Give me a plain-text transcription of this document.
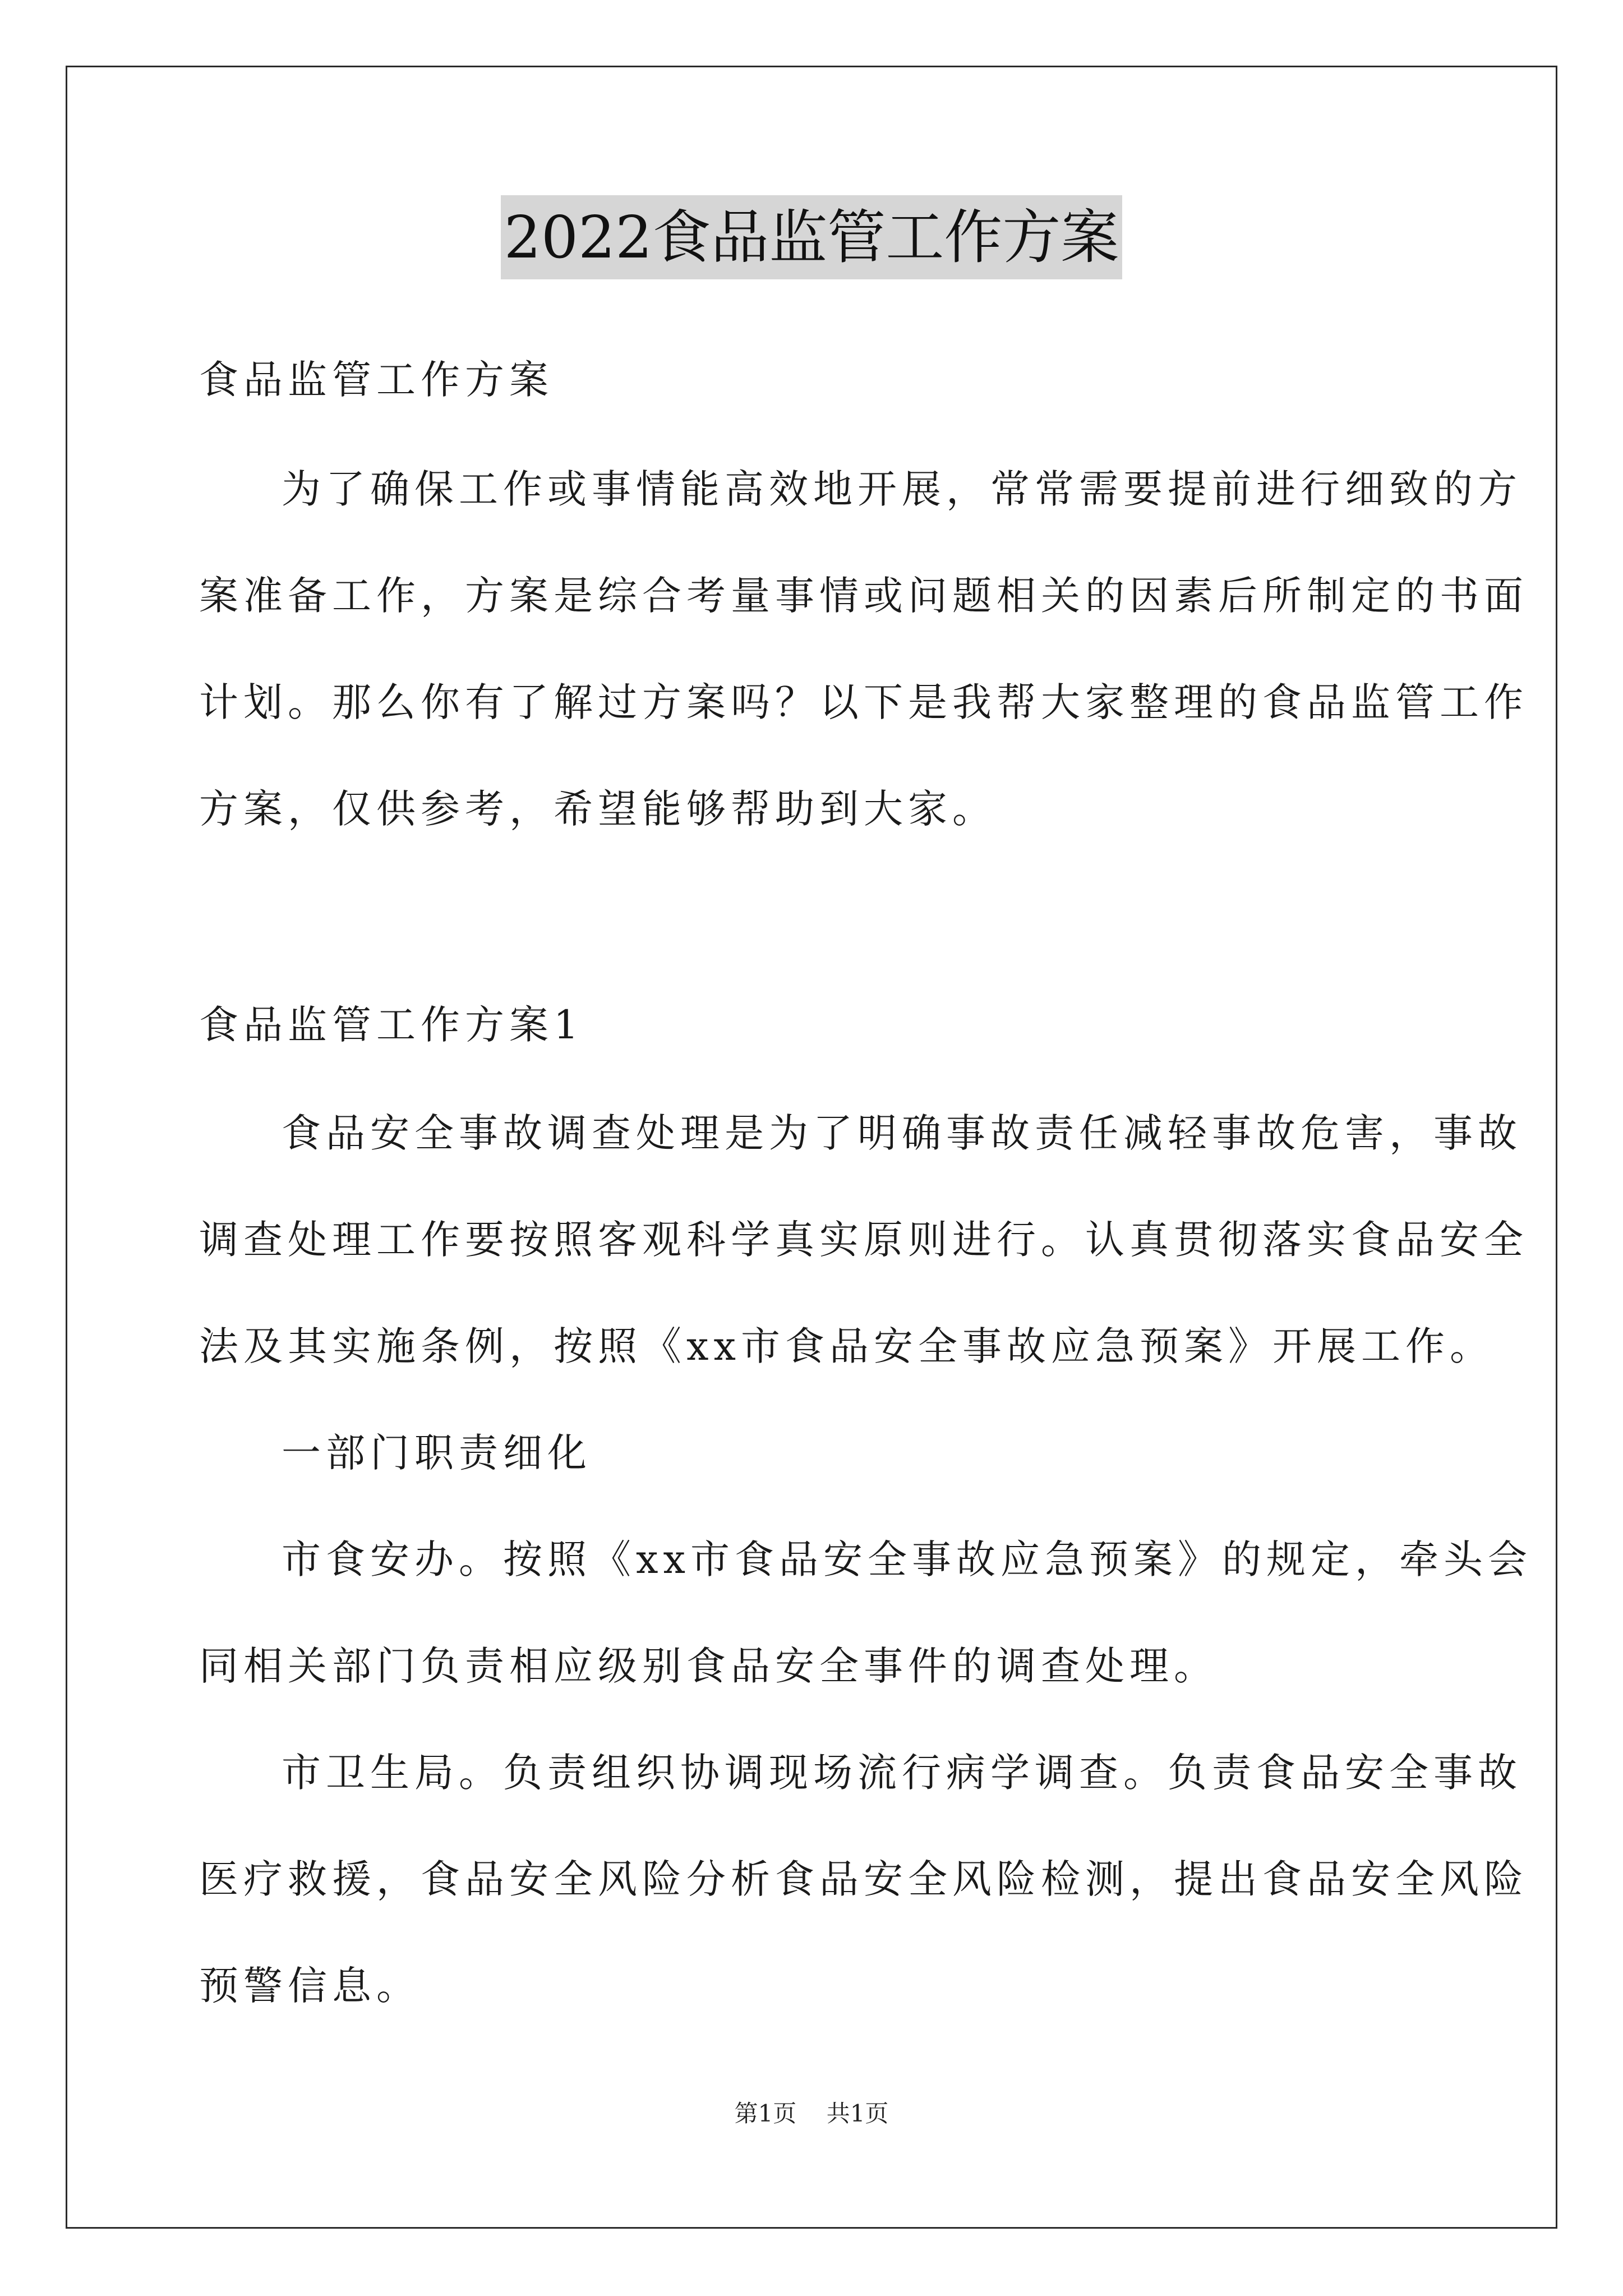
2022食品监管工作方案
食品监管工作方案
为了确保工作或事情能高效地开展，常常需要提前进行细致的方
案准备工作，方案是综合考量事情或问题相关的因素后所制定的书面
计划。那么你有了解过方案吗？以下是我帮大家整理的食品监管工作
方案，仅供参考，希望能够帮助到大家。
食品监管工作方案1
食品安全事故调查处理是为了明确事故责任减轻事故危害，事故
调查处理工作要按照客观科学真实原则进行。认真贯彻落实食品安全
法及其实施条例，按照《xx市食品安全事故应急预案》开展工作。
一部门职责细化
市食安办。按照《xx市食品安全事故应急预案》的规定，牵头会
同相关部门负责相应级别食品安全事件的调查处理。
市卫生局。负责组织协调现场流行病学调查。负责食品安全事故
医疗救援，食品安全风险分析食品安全风险检测，提出食品安全风险
预警信息。
第1页 共1页
